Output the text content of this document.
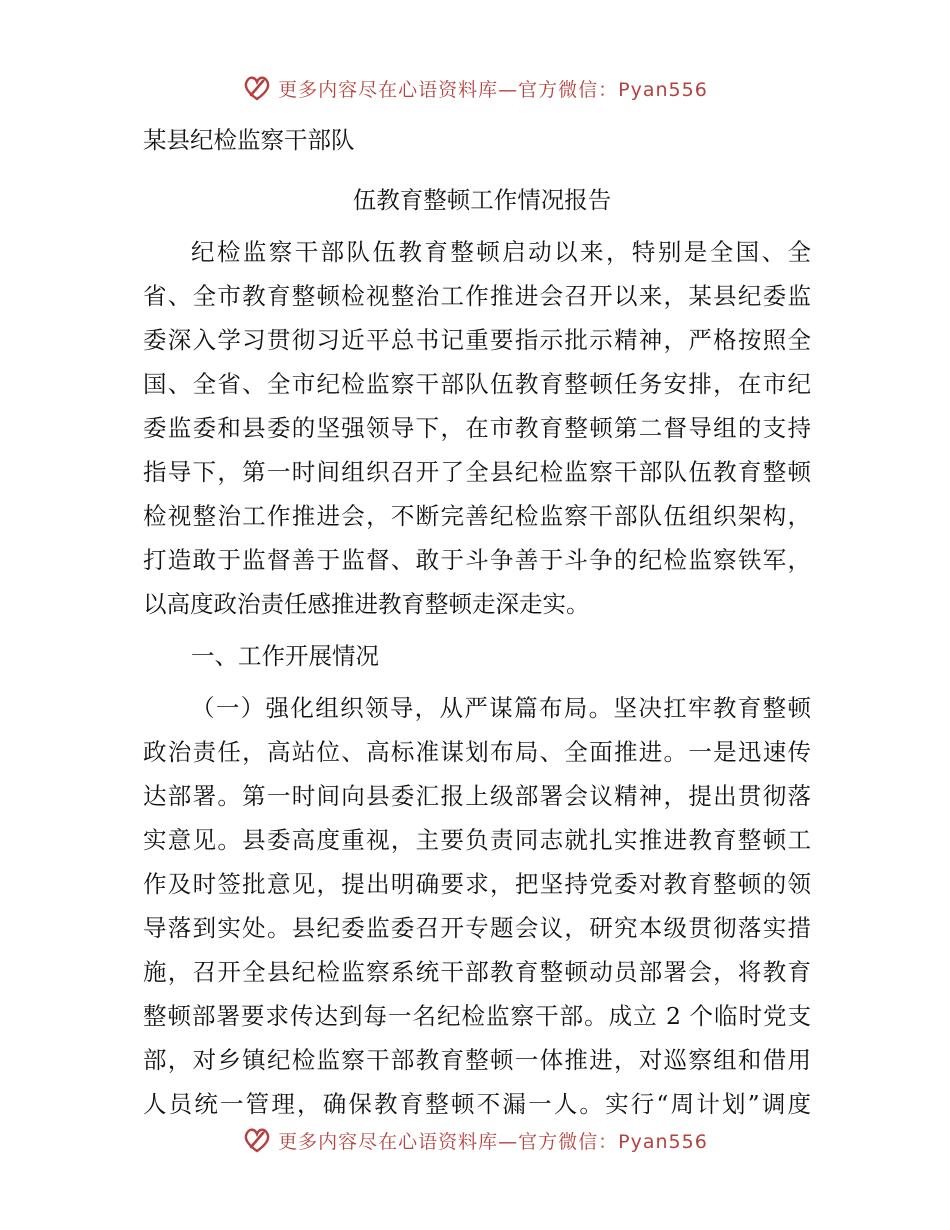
更多内容尽在心语资料库—官方微信：Pyan556
某县纪检监察干部队
伍教育整顿工作情况报告
纪检监察干部队伍教育整顿启动以来，特别是全国、全
省、全市教育整顿检视整治工作推进会召开以来，某县纪委监
委深入学习贯彻习近平总书记重要指示批示精神，严格按照全
国、全省、全市纪检监察干部队伍教育整顿任务安排，在市纪
委监委和县委的坚强领导下，在市教育整顿第二督导组的支持
指导下，第一时间组织召开了全县纪检监察干部队伍教育整顿
检视整治工作推进会，不断完善纪检监察干部队伍组织架构，
打造敢于监督善于监督、敢于斗争善于斗争的纪检监察铁军，
以高度政治责任感推进教育整顿走深走实。
一、工作开展情况
（一）强化组织领导，从严谋篇布局。坚决扛牢教育整顿
政治责任，高站位、高标准谋划布局、全面推进。一是迅速传
达部署。第一时间向县委汇报上级部署会议精神，提出贯彻落
实意见。县委高度重视，主要负责同志就扎实推进教育整顿工
作及时签批意见，提出明确要求，把坚持党委对教育整顿的领
导落到实处。县纪委监委召开专题会议，研究本级贯彻落实措
施，召开全县纪检监察系统干部教育整顿动员部署会，将教育
整顿部署要求传达到每一名纪检监察干部。成立 2 个临时党支
部，对乡镇纪检监察干部教育整顿一体推进，对巡察组和借用
人员统一管理，确保教育整顿不漏一人。实行“周计划”调度
更多内容尽在心语资料库—官方微信：Pyan556
